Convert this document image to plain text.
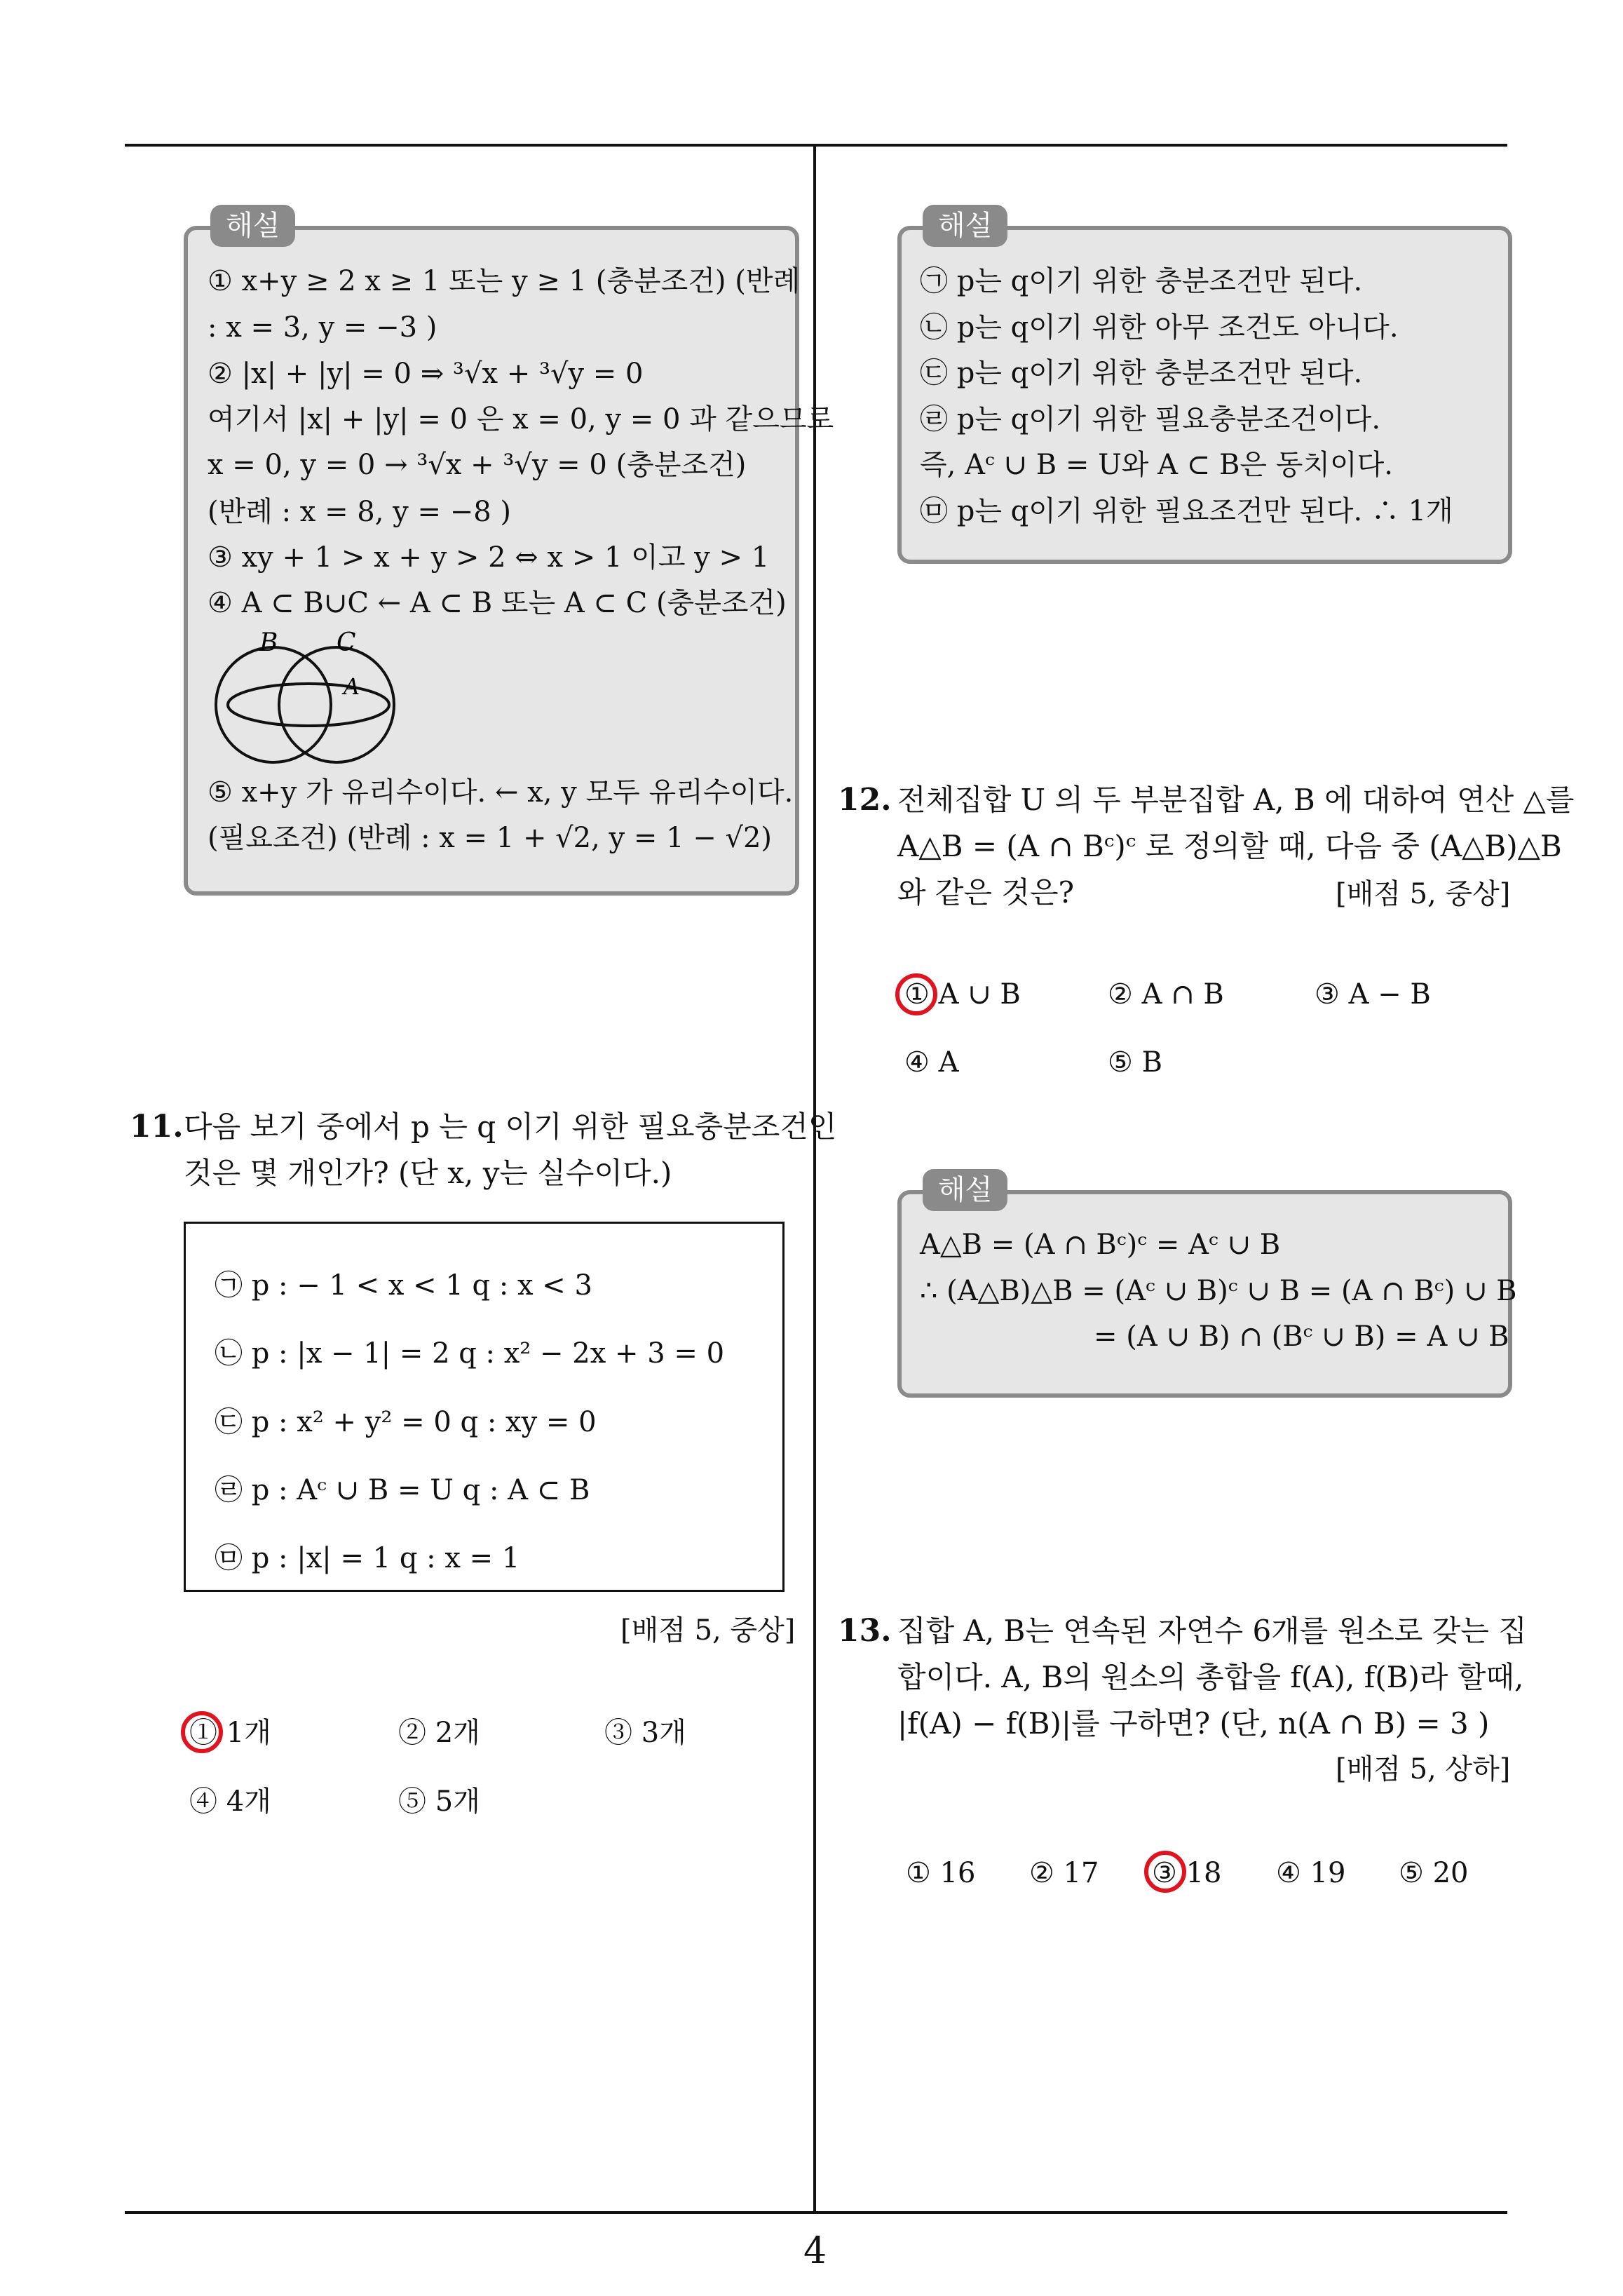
해설
① x+y ≥ 2 x ≥ 1 또는 y ≥ 1 (충분조건) (반례
: x = 3, y = −3 )
② |x| + |y| = 0 ⇒ ³√x + ³√y = 0
여기서 |x| + |y| = 0 은 x = 0, y = 0 과 같으므로
x = 0, y = 0 → ³√x + ³√y = 0 (충분조건)
(반례 : x = 8, y = −8 )
③ xy + 1 > x + y > 2 ⇔ x > 1 이고 y > 1
④ A ⊂ B∪C ← A ⊂ B 또는 A ⊂ C (충분조건)
B C
A
⑤ x+y 가 유리수이다. ← x, y 모두 유리수이다.
(필요조건) (반례 : x = 1 + √2, y = 1 − √2)
11. 다음 보기 중에서 p 는 q 이기 위한 필요충분조건인
것은 몇 개인가? (단 x, y는 실수이다.)
㉠ p : − 1 < x < 1 q : x < 3
㉡ p : |x − 1| = 2 q : x² − 2x + 3 = 0
㉢ p : x² + y² = 0 q : xy = 0
㉣ p : Aᶜ ∪ B = U q : A ⊂ B
㉤ p : |x| = 1 q : x = 1
[배점 5, 중상]
① 1개	② 2개	③ 3개
④ 4개	⑤ 5개
해설
㉠ p는 q이기 위한 충분조건만 된다.
㉡ p는 q이기 위한 아무 조건도 아니다.
㉢ p는 q이기 위한 충분조건만 된다.
㉣ p는 q이기 위한 필요충분조건이다.
즉, Aᶜ ∪ B = U와 A ⊂ B은 동치이다.
㉤ p는 q이기 위한 필요조건만 된다. ∴ 1개
12. 전체집합 U 의 두 부분집합 A, B 에 대하여 연산 △를
A△B = (A ∩ Bᶜ)ᶜ 로 정의할 때, 다음 중 (A△B)△B
와 같은 것은?	[배점 5, 중상]
① A ∪ B	② A ∩ B	③ A − B
④ A	⑤ B
해설
A△B = (A ∩ Bᶜ)ᶜ = Aᶜ ∪ B
∴ (A△B)△B = (Aᶜ ∪ B)ᶜ ∪ B = (A ∩ Bᶜ) ∪ B
= (A ∪ B) ∩ (Bᶜ ∪ B) = A ∪ B
13. 집합 A, B는 연속된 자연수 6개를 원소로 갖는 집
합이다. A, B의 원소의 총합을 f(A), f(B)라 할때,
|f(A) − f(B)|를 구하면? (단, n(A ∩ B) = 3 )
[배점 5, 상하]
① 16 ② 17 ③ 18 ④ 19 ⑤ 20
4
